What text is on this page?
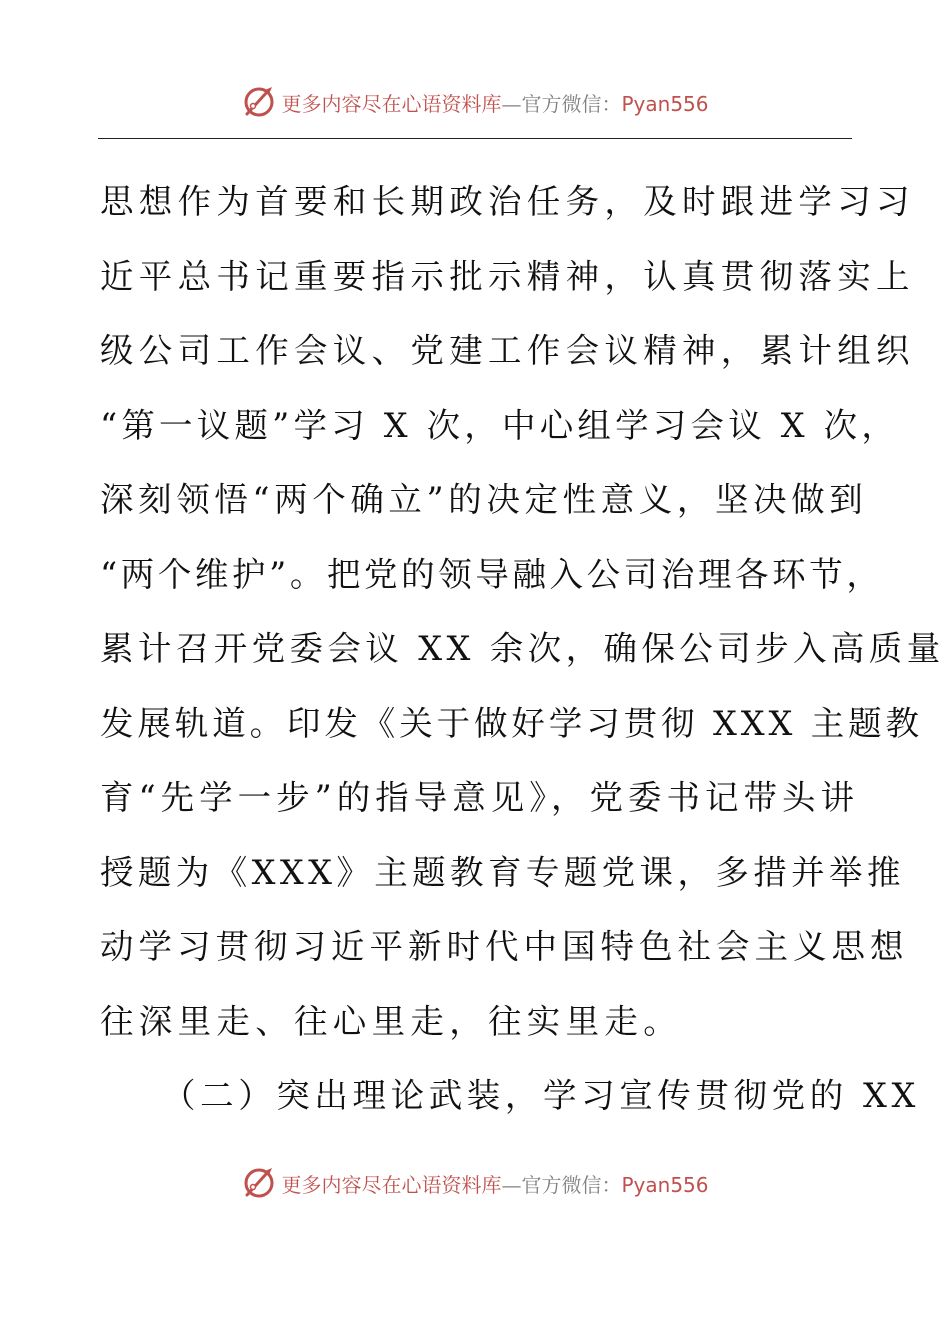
更多内容尽在心语资料库—官方微信：Pyan556
思想作为首要和长期政治任务，及时跟进学习习
近平总书记重要指示批示精神，认真贯彻落实上
级公司工作会议、党建工作会议精神，累计组织
“第一议题”学习 X 次，中心组学习会议 X 次，
深刻领悟“两个确立”的决定性意义，坚决做到
“两个维护”。把党的领导融入公司治理各环节，
累计召开党委会议 XX 余次，确保公司步入高质量
发展轨道。印发《关于做好学习贯彻 XXX 主题教
育“先学一步”的指导意见》，党委书记带头讲
授题为《XXX》主题教育专题党课，多措并举推
动学习贯彻习近平新时代中国特色社会主义思想
往深里走、往心里走，往实里走。
（二）突出理论武装，学习宣传贯彻党的 XX
更多内容尽在心语资料库—官方微信：Pyan556
